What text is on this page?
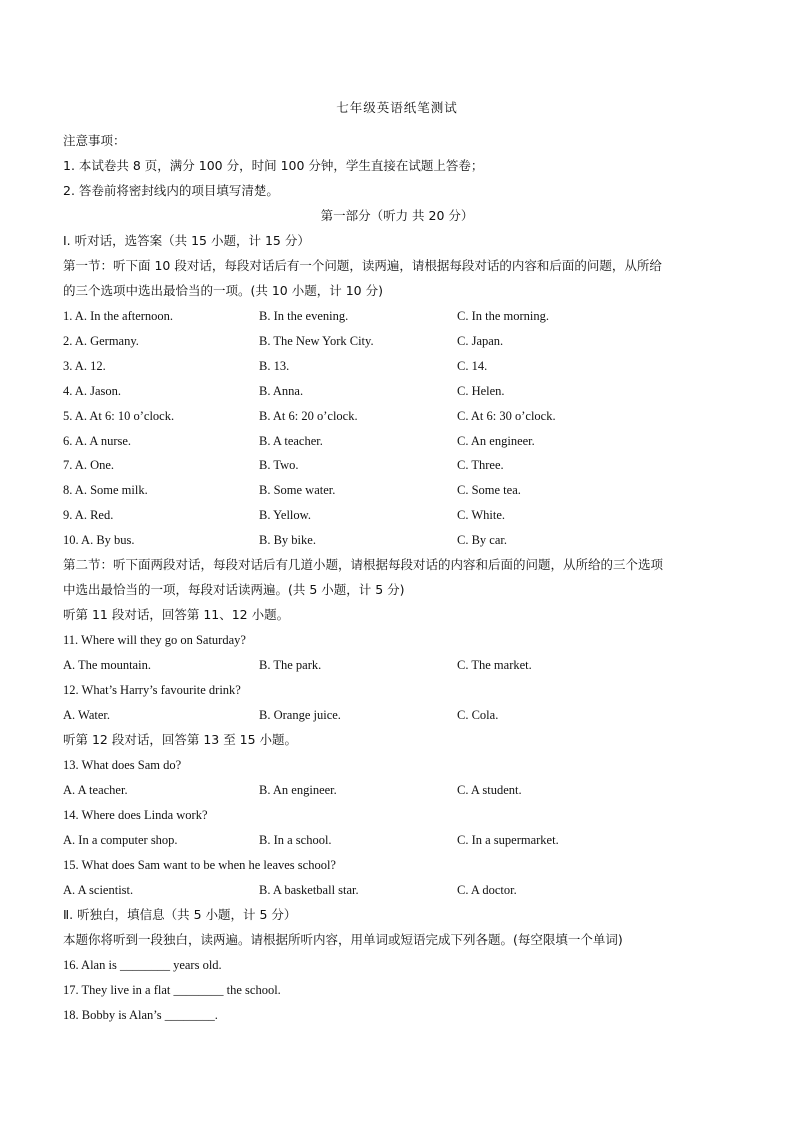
七年级英语纸笔测试
注意事项：
1. 本试卷共 8 页，满分 100 分，时间 100 分钟，学生直接在试题上答卷；
2. 答卷前将密封线内的项目填写清楚。
第一部分（听力 共 20 分）
Ⅰ. 听对话，选答案（共 15 小题，计 15 分）
第一节：听下面 10 段对话，每段对话后有一个问题，读两遍，请根据每段对话的内容和后面的问题，从所给
的三个选项中选出最恰当的一项。(共 10 小题，计 10 分)
1. A. In the afternoon.	B. In the evening.	C. In the morning.
2. A. Germany.	B. The New York City.	C. Japan.
3. A. 12.	B. 13.	C. 14.
4. A. Jason.	B. Anna.	C. Helen.
5. A. At 6: 10 o’clock.	B. At 6: 20 o’clock.	C. At 6: 30 o’clock.
6. A. A nurse.	B. A teacher.	C. An engineer.
7. A. One.	B. Two.	C. Three.
8. A. Some milk.	B. Some water.	C. Some tea.
9. A. Red.	B. Yellow.	C. White.
10. A. By bus.	B. By bike.	C. By car.
第二节：听下面两段对话，每段对话后有几道小题，请根据每段对话的内容和后面的问题，从所给的三个选项
中选出最恰当的一项，每段对话读两遍。(共 5 小题，计 5 分)
听第 11 段对话，回答第 11、12 小题。
11. Where will they go on Saturday?
A. The mountain.	B. The park.	C. The market.
12. What’s Harry’s favourite drink?
A. Water.	B. Orange juice.	C. Cola.
听第 12 段对话，回答第 13 至 15 小题。
13. What does Sam do?
A. A teacher.	B. An engineer.	C. A student.
14. Where does Linda work?
A. In a computer shop.	B. In a school.	C. In a supermarket.
15. What does Sam want to be when he leaves school?
A. A scientist.	B. A basketball star.	C. A doctor.
Ⅱ. 听独白，填信息（共 5 小题，计 5 分）
本题你将听到一段独白，读两遍。请根据所听内容，用单词或短语完成下列各题。(每空限填一个单词)
16. Alan is ________ years old.
17. They live in a flat ________ the school.
18. Bobby is Alan’s ________.
